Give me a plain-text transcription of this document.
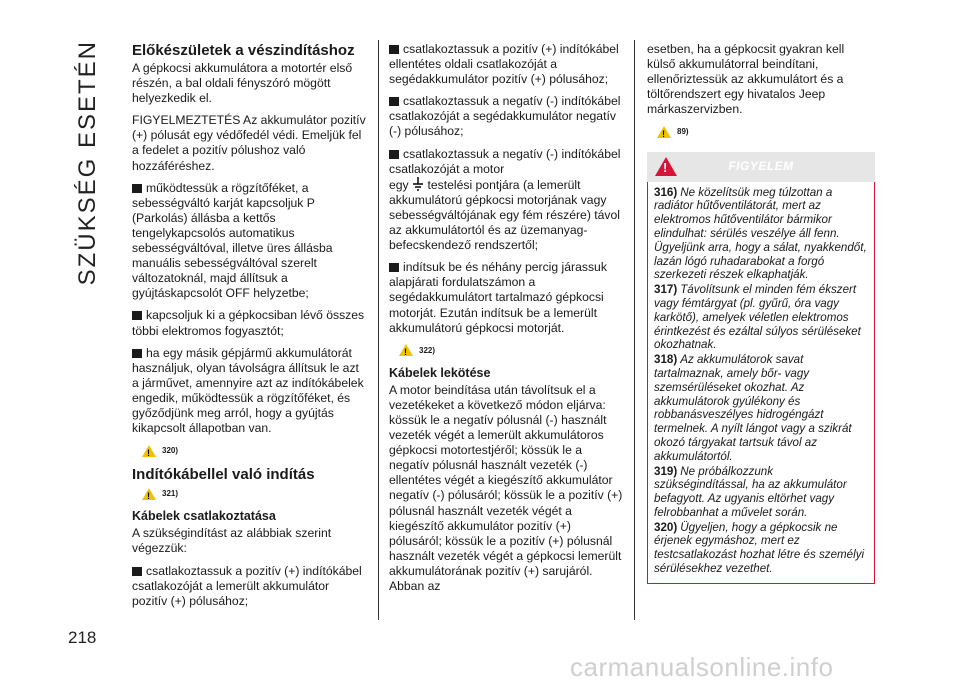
SZÜKSÉG ESETÉN
218
Előkészületek a vészindításhoz

A gépkocsi akkumulátora a motortér első részén, a bal oldali fényszóró mögött helyezkedik el.

FIGYELMEZTETÉS Az akkumulátor pozitív (+) pólusát egy védőfedél védi. Emeljük fel a fedelet a pozitív pólushoz való hozzáféréshez.

működtessük a rögzítőféket, a sebességváltó karját kapcsoljuk P (Parkolás) állásba a kettős tengelykapcsolós automatikus sebességváltóval, illetve üres állásba manuális sebességváltóval szerelt változatoknál, majd állítsuk a gyújtáskapcsolót OFF helyzetbe;

kapcsoljuk ki a gépkocsiban lévő összes többi elektromos fogyasztót;

ha egy másik gépjármű akkumulátorát használjuk, olyan távolságra állítsuk le azt a járművet, amennyire azt az indítókábelek engedik, működtessük a rögzítőféket, és győződjünk meg arról, hogy a gyújtás kikapcsolt állapotban van.

!
320)
Indítókábellel való indítás
!
321)
Kábelek csatlakoztatása

A szükségindítást az alábbiak szerint végezzük:

csatlakoztassuk a pozitív (+) indítókábel csatlakozóját a lemerült akkumulátor pozitív (+) pólusához;

csatlakoztassuk a pozitív (+) indítókábel ellentétes oldali csatlakozóját a segédakkumulátor pozitív (+) pólusához;

csatlakoztassuk a negatív (-) indítókábel csatlakozóját a segédakkumulátor negatív (-) pólusához;

csatlakoztassuk a negatív (-) indítókábel csatlakozóját a motor
egy testelési pontjára (a lemerült akkumulátorú gépkocsi motorjának vagy sebességváltójának egy fém részére) távol az akkumulátortól és az üzemanyag-befecskendező rendszertől;

indítsuk be és néhány percig járassuk alapjárati fordulatszámon a segédakkumulátort tartalmazó gépkocsi motorját. Ezután indítsuk be a lemerült akkumulátorú gépkocsi motorját.

!
322)
Kábelek lekötése

A motor beindítása után távolítsuk el a vezetékeket a következő módon eljárva: kössük le a negatív pólusnál (-) használt vezeték végét a lemerült akkumulátoros gépkocsi motortestjéről; kössük le a negatív pólusnál használt vezeték (-) ellentétes végét a kiegészítő akkumulátor negatív (-) pólusáról; kössük le a pozitív (+) pólusnál használt vezeték végét a kiegészítő akkumulátor pozitív (+) pólusáról; kössük le a pozitív (+) pólusnál használt vezeték végét a gépkocsi lemerült akkumulátorának pozitív (+) sarujáról. Abban az

esetben, ha a gépkocsit gyakran kell külső akkumulátorral beindítani, ellenőriztessük az akkumulátort és a töltőrendszert egy hivatalos Jeep márkaszervizben.

!
89)
!
FIGYELEM

316) Ne közelítsük meg túlzottan a radiátor hűtőventilátorát, mert az elektromos hűtőventilátor bármikor elindulhat: sérülés veszélye áll fenn. Ügyeljünk arra, hogy a sálat, nyakkendőt, lazán lógó ruhadarabokat a forgó szerkezeti részek elkaphatják.

317) Távolítsunk el minden fém ékszert vagy fémtárgyat (pl. gyűrű, óra vagy karkötő), amelyek véletlen elektromos érintkezést és ezáltal súlyos sérüléseket okozhatnak.

318) Az akkumulátorok savat tartalmaznak, amely bőr- vagy szemsérüléseket okozhat. Az akkumulátorok gyúlékony és robbanásveszélyes hidrogéngázt termelnek. A nyílt lángot vagy a szikrát okozó tárgyakat tartsuk távol az akkumulátortól.

319) Ne próbálkozzunk szükségindítással, ha az akkumulátor befagyott. Az ugyanis eltörhet vagy felrobbanhat a művelet során.

320) Ügyeljen, hogy a gépkocsik ne érjenek egymáshoz, mert ez testcsatlakozást hozhat létre és személyi sérülésekhez vezethet.

carmanualsonline.info
